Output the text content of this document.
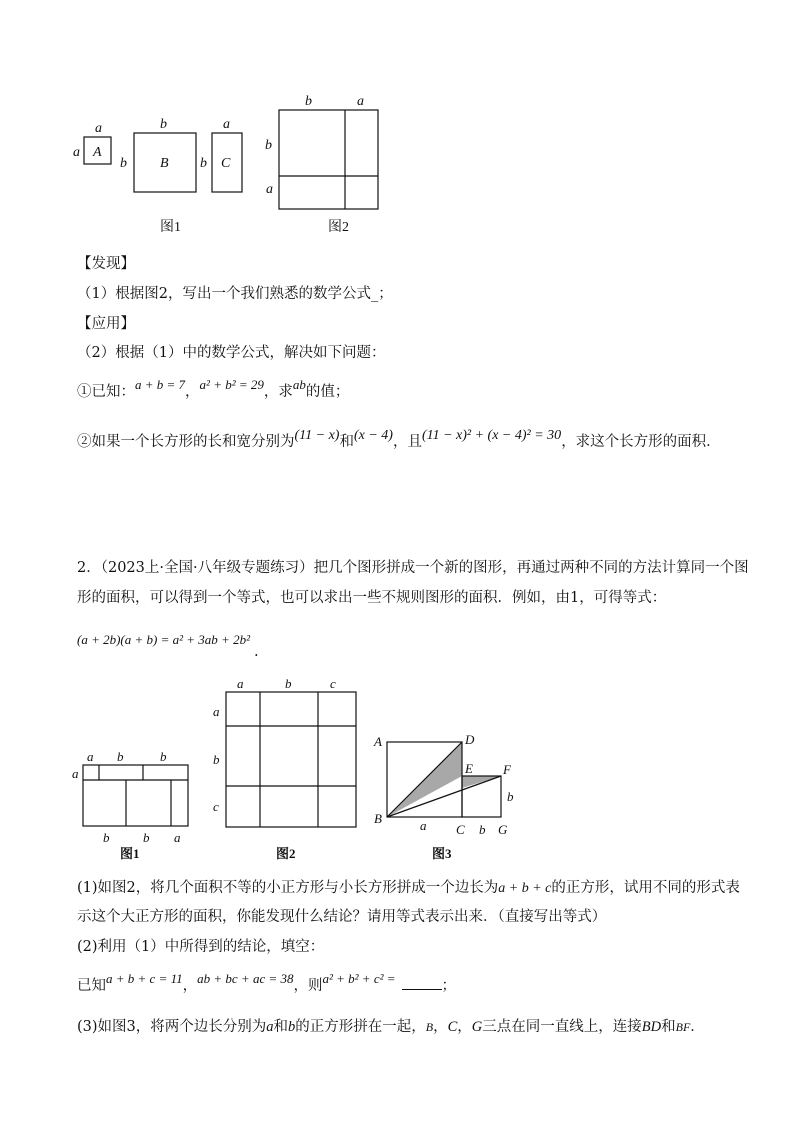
a
a A
b
b B
a
b C
图1
b	a
b
a
图2
【发现】
（1）根据图2，写出一个我们熟悉的数学公式_；
【应用】
（2）根据（1）中的数学公式，解决如下问题：
①已知：a + b = 7，a² + b² = 29，求ab的值；
②如果一个长方形的长和宽分别为(11 − x)和(x − 4)，且(11 − x)² + (x − 4)² = 30，求这个长方形的面积．
2．（2023上·全国·八年级专题练习）把几个图形拼成一个新的图形，再通过两种不同的方法计算同一个图
形的面积，可以得到一个等式，也可以求出一些不规则图形的面积．例如，由1，可得等式：
(a + 2b)(a + b) = a² + 3ab + 2b².
a b	b
a
b	b a
图1
a	b	c
a
b
c
图2
A	D
E F
B
C	G
a	b
b
图3
(1)如图2，将几个面积不等的小正方形与小长方形拼成一个边长为a + b + c的正方形，试用不同的形式表
示这个大正方形的面积，你能发现什么结论？请用等式表示出来．（直接写出等式）
(2)利用（1）中所得到的结论，填空：
已知a + b + c = 11，ab + bc + ac = 38，则a² + b² + c² =	；
(3)如图3，将两个边长分别为a和b的正方形拼在一起，B，C，G三点在同一直线上，连接BD和BF．
